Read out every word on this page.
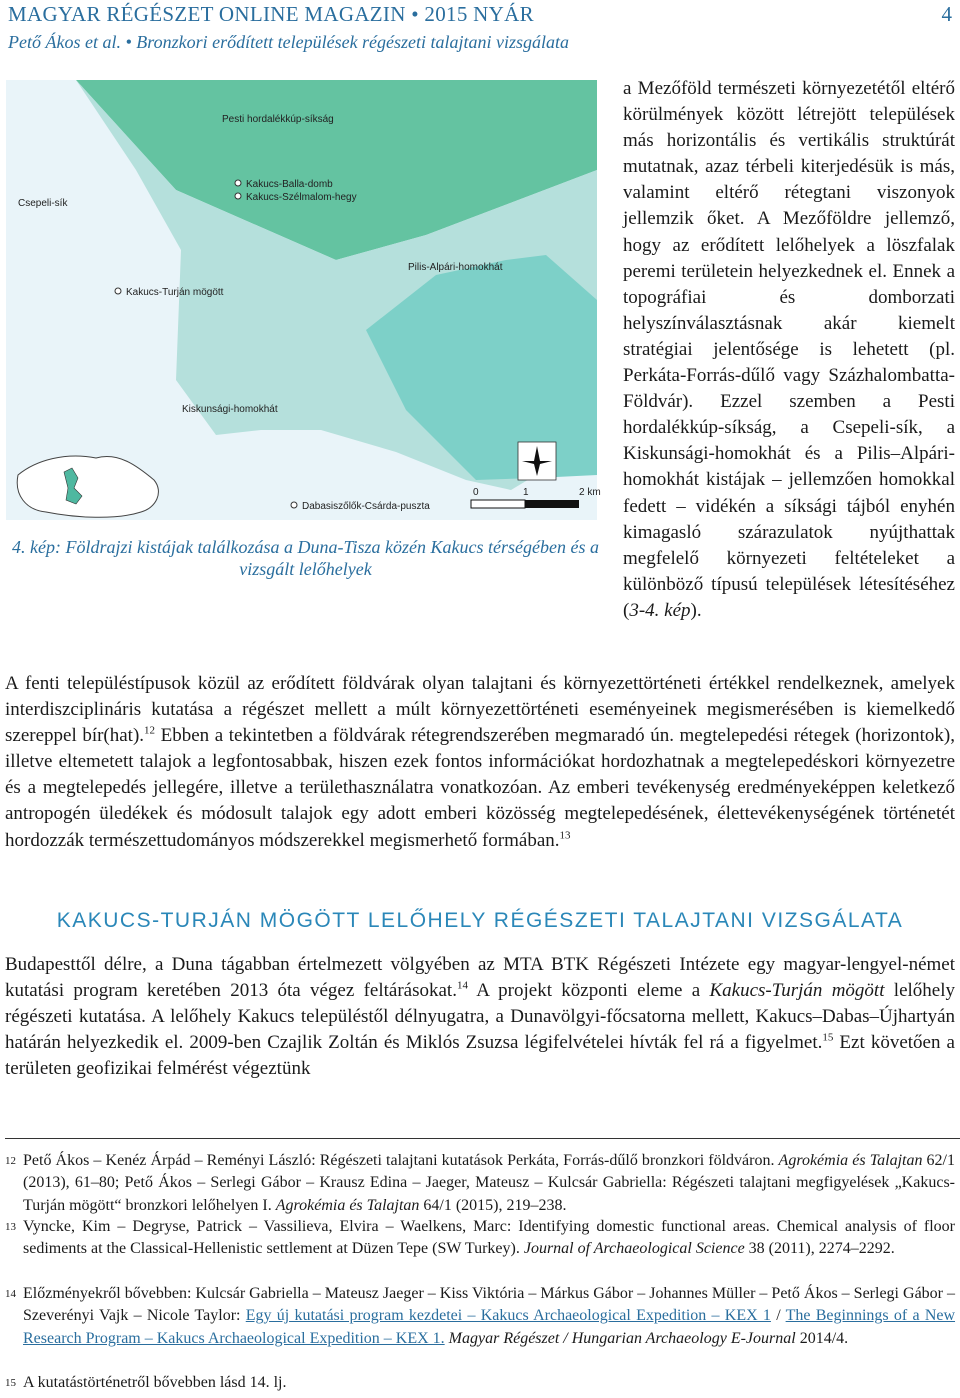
MAGYAR RÉGÉSZET ONLINE MAGAZIN • 2015 NYÁR	4
Pető Ákos et al. • Bronzkori erődített települések régészeti talajtani vizsgálata
Csepeli-sík
Pesti hordalékkúp-síkság
Pilis-Alpári-homokhát
Kiskunsági-homokhát
Kakucs-Balla-domb
Kakucs-Szélmalom-hegy
Kakucs-Turján mögött
Dabasiszőlők-Csárda-puszta
0	1	2 km
4. kép: Földrajzi kistájak találkozása a Duna-Tisza közén Kakucs térségében és a vizsgált lelőhelyek

a Mezőföld természeti környezetétől eltérő körülmények között létrejött települések más horizontális és vertikális struktúrát mutatnak, azaz térbeli kiterjedésük is más, valamint eltérő rétegtani viszonyok jellemzik őket. A Mezőföldre jellemző, hogy az erődített lelőhelyek a löszfalak peremi területein helyezkednek el. Ennek a topográfiai és domborzati helyszínválasztásnak akár kiemelt stratégiai jelentősége is lehetett (pl. Perkáta-Forrás-dűlő vagy Százhalombatta-Földvár). Ezzel szemben a Pesti hordalékkúp-síkság, a Csepeli-sík, a Kiskunsági-homokhát és a Pilis–Alpári-homokhát kistájak – jellemzően homokkal fedett – vidékén a síksági tájból enyhén kimagasló szárazulatok nyújthattak megfelelő környezeti feltételeket a különböző típusú települések létesítéséhez (3-4. kép).

A fenti településtípusok közül az erődített földvárak olyan talajtani és környezettörténeti értékkel rendelkeznek, amelyek interdiszciplináris kutatása a régészet mellett a múlt környezettörténeti eseményeinek megismerésében is kiemelkedő szereppel bír(hat).$^{12}$ Ebben a tekintetben a földvárak rétegrendszerében megmaradó ún. megtelepedési rétegek (horizontok), illetve eltemetett talajok a legfontosabbak, hiszen ezek fontos információkat hordozhatnak a megtelepedéskori környezetre és a megtelepedés jellegére, illetve a területhasználatra vonatkozóan. Az emberi tevékenység eredményeképpen keletkező antropogén üledékek és módosult talajok egy adott emberi közösség megtelepedésének, élettevékenységének történetét hordozzák természettudományos módszerekkel megismerhető formában.$^{13}$

KAKUCS-TURJÁN MÖGÖTT LELŐHELY RÉGÉSZETI TALAJTANI VIZSGÁLATA

Budapesttől délre, a Duna tágabban értelmezett völgyében az MTA BTK Régészeti Intézete egy magyar-lengyel-német kutatási program keretében 2013 óta végez feltárásokat.$^{14}$ A projekt központi eleme a Kakucs-Turján mögött lelőhely régészeti kutatása. A lelőhely Kakucs településtől délnyugatra, a Dunavölgyi-főcsatorna mellett, Kakucs–Dabas–Újhartyán határán helyezkedik el. 2009-ben Czajlik Zoltán és Miklós Zsuzsa légifelvételei hívták fel rá a figyelmet.$^{15}$ Ezt követően a területen geofizikai felmérést végeztünk

12 Pető Ákos – Kenéz Árpád – Reményi László: Régészeti talajtani kutatások Perkáta, Forrás-dűlő bronzkori földváron. Agrokémia és Talajtan 62/1 (2013), 61–80; Pető Ákos – Serlegi Gábor – Krausz Edina – Jaeger, Mateusz – Kulcsár Gabriella: Régészeti talajtani megfigyelések „Kakucs-Turján mögött“ bronzkori lelőhelyen I. Agrokémia és Talajtan 64/1 (2015), 219–238.
13 Vyncke, Kim – Degryse, Patrick – Vassilieva, Elvira – Waelkens, Marc: Identifying domestic functional areas. Chemical analysis of floor sediments at the Classical-Hellenistic settlement at Düzen Tepe (SW Turkey). Journal of Archaeological Science 38 (2011), 2274–2292.
14 Előzményekről bővebben: Kulcsár Gabriella – Mateusz Jaeger – Kiss Viktória – Márkus Gábor – Johannes Müller – Pető Ákos – Serlegi Gábor – Szeverényi Vajk – Nicole Taylor: Egy új kutatási program kezdetei – Kakucs Archaeological Expedition – KEX 1 / The Beginnings of a New Research Program – Kakucs Archaeological Expedition – KEX 1. Magyar Régészet / Hungarian Archaeology E-Journal 2014/4.
15 A kutatástörténetről bővebben lásd 14. lj.
